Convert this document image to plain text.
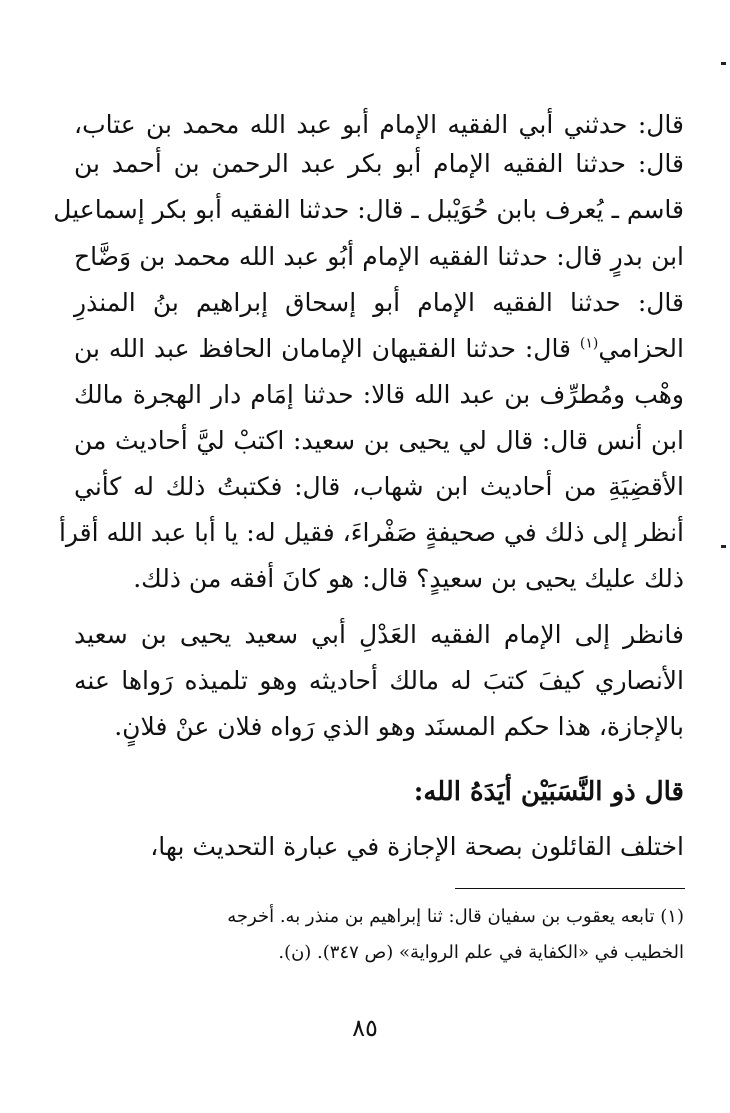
قال: حدثني أبي الفقيه الإمام أبو عبد الله محمد بن عتاب،
قال: حدثنا الفقيه الإمام أبو بكر عبد الرحمن بن أحمد بن
قاسم ـ يُعرف بابن حُوَيْبل ـ قال: حدثنا الفقيه أبو بكر إسماعيل
ابن بدرٍ قال: حدثنا الفقيه الإمام أبُو عبد الله محمد بن وَضَّاح
قال: حدثنا الفقيه الإمام أبو إسحاق إبراهيم بنُ المنذرِ
الحزامي$^{(١)}$ قال: حدثنا الفقيهان الإمامان الحافظ عبد الله بن
وهْب ومُطرِّف بن عبد الله قالا: حدثنا إمَام دار الهجرة مالك
ابن أنس قال: قال لي يحيى بن سعيد: اكتبْ ليَّ أحاديث من
الأقضِيَةِ من أحاديث ابن شهاب، قال: فكتبتُ ذلك له كأني
أنظر إلى ذلك في صحيفةٍ صَفْراءَ، فقيل له: يا أبا عبد الله أقرأ
ذلك عليك يحيى بن سعيدٍ؟ قال: هو كانَ أفقه من ذلك.
فانظر إلى الإمام الفقيه العَدْلِ أبي سعيد يحيى بن سعيد
الأنصاري كيفَ كتبَ له مالك أحاديثه وهو تلميذه رَواها عنه
بالإجازة، هذا حكم المسنَد وهو الذي رَواه فلان عنْ فلانٍ.
قال ذو النَّسَبَيْن أيَدَهُ الله:
اختلف القائلون بصحة الإجازة في عبارة التحديث بها،
(١) تابعه يعقوب بن سفيان قال: ثنا إبراهيم بن منذر به. أخرجه
الخطيب في «الكفاية في علم الرواية» (ص ٣٤٧). (ن).
٨٥
